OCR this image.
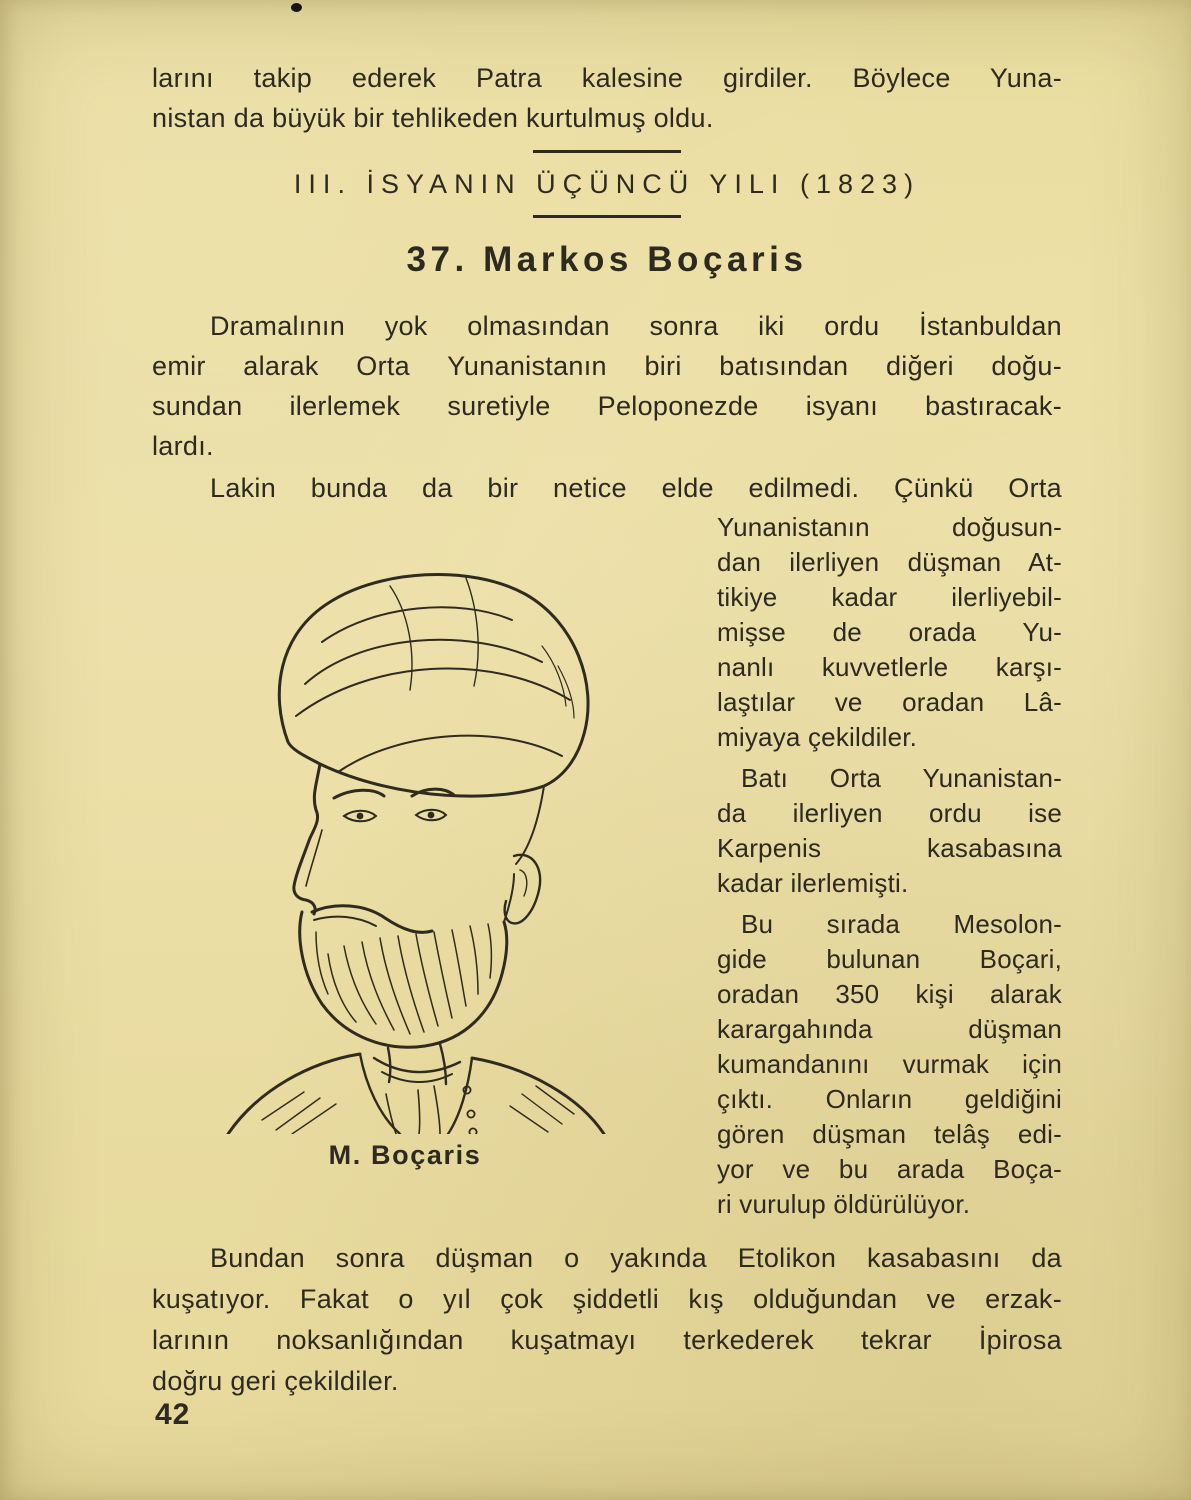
larını takip ederek Patra kalesine girdiler. Böylece Yuna-
nistan da büyük bir tehlikeden kurtulmuş oldu.
III. İSYANIN ÜÇÜNCÜ YILI (1823)
37. Markos Boçaris
Dramalının yok olmasından sonra iki ordu İstanbuldan
emir alarak Orta Yunanistanın biri batısından diğeri doğu-
sundan ilerlemek suretiyle Peloponezde isyanı bastıracak-
lardı.
Lakin bunda da bir netice elde edilmedi. Çünkü Orta
M. Boçaris
Yunanistanın doğusun-
dan ilerliyen düşman At-
tikiye kadar ilerliyebil-
mişse de orada Yu-
nanlı kuvvetlerle karşı-
laştılar ve oradan Lâ-
miyaya çekildiler.
Batı Orta Yunanistan-
da ilerliyen ordu ise
Karpenis kasabasına
kadar ilerlemişti.
Bu sırada Mesolon-
gide bulunan Boçari,
oradan 350 kişi alarak
karargahında düşman
kumandanını vurmak için
çıktı. Onların geldiğini
gören düşman telâş edi-
yor ve bu arada Boça-
ri vurulup öldürülüyor.
Bundan sonra düşman o yakında Etolikon kasabasını da
kuşatıyor. Fakat o yıl çok şiddetli kış olduğundan ve erzak-
larının noksanlığından kuşatmayı terkederek tekrar İpirosa
doğru geri çekildiler.
42
